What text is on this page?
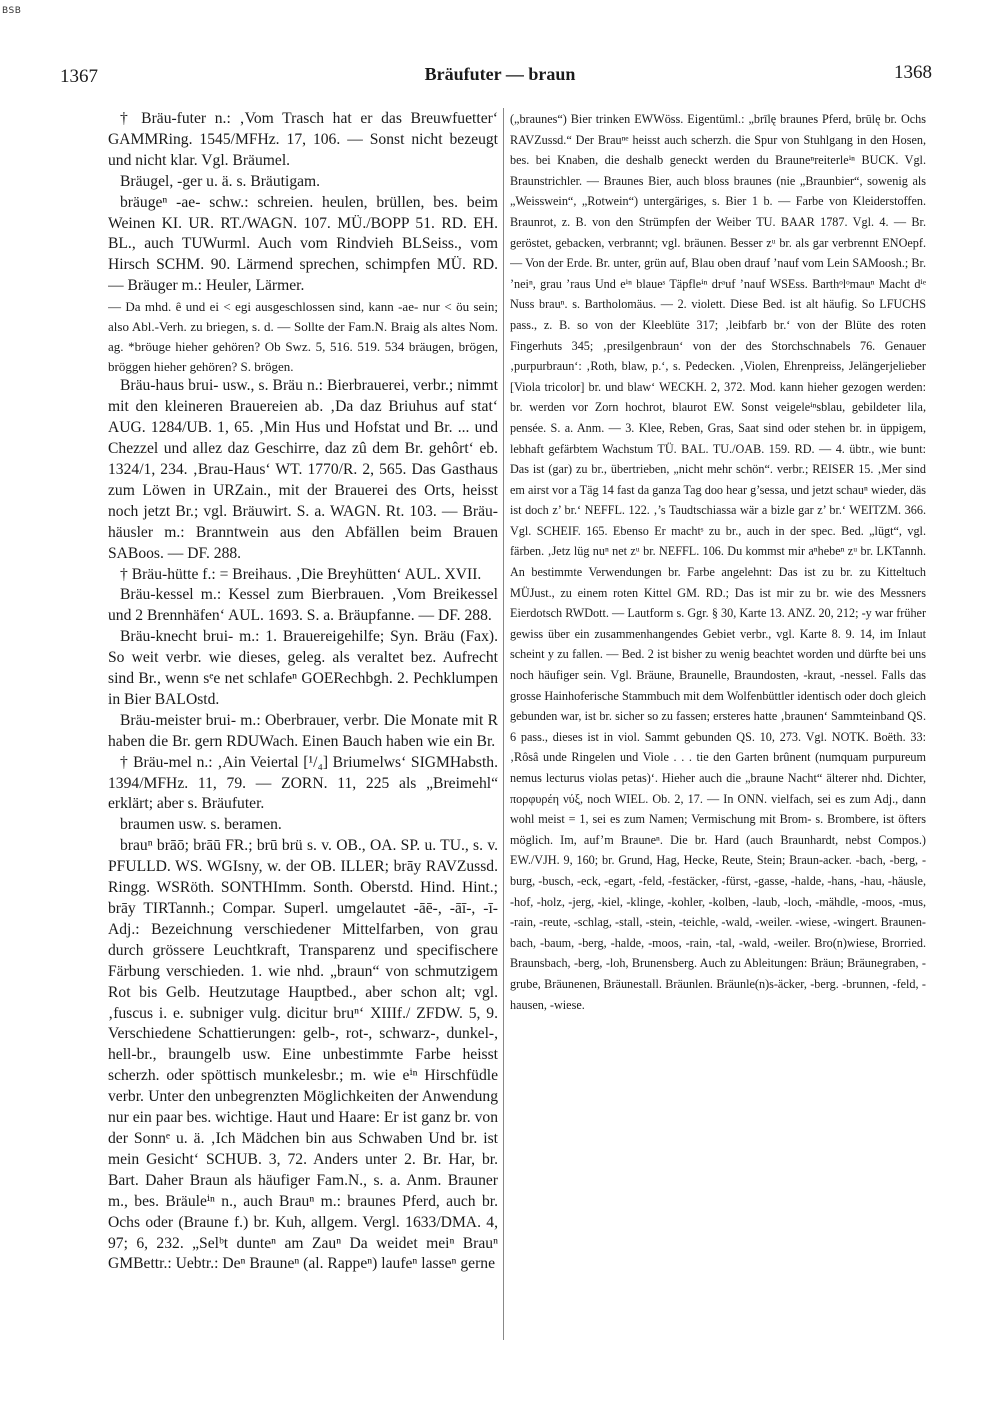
BSB
1367	Bräufuter — braun	1368

† Bräu-futer n.: ‚Vom Trasch hat er das Breuwfuetter‘ GAMMRing. 1545/MFHz. 17, 106. — Sonst nicht bezeugt und nicht klar. Vgl. Bräumel.

Bräugel, -ger u. ä. s. Bräutigam.

bräugeⁿ -ae- schw.: schreien. heulen, brüllen, bes. beim Weinen KI. UR. RT./WAGN. 107. MÜ./BOPP 51. RD. EH. BL., auch TUWurml. Auch vom Rindvieh BLSeiss., vom Hirsch SCHM. 90. Lärmend sprechen, schimpfen MÜ. RD. — Bräuger m.: Heuler, Lärmer.

— Da mhd. ê und ei < egi ausgeschlossen sind, kann -ae- nur < öu sein; also Abl.-Verh. zu briegen, s. d. — Sollte der Fam.N. Braig als altes Nom. ag. *bröuge hieher gehören? Ob Swz. 5, 516. 519. 534 bräugen, brögen, bröggen hieher gehören? S. brögen.

Bräu-haus brui- usw., s. Bräu n.: Bierbrauerei, verbr.; nimmt mit den kleineren Brauereien ab. ‚Da daz Briuhus auf stat‘ AUG. 1284/UB. 1, 65. ‚Min Hus und Hofstat und Br. ... und Chezzel und allez daz Geschirre, daz zû dem Br. gehôrt‘ eb. 1324/1, 234. ‚Brau-Haus‘ WT. 1770/R. 2, 565. Das Gasthaus zum Löwen in URZain., mit der Brauerei des Orts, heisst noch jetzt Br.; vgl. Bräuwirt. S. a. WAGN. Rt. 103. — Bräu-häusler m.: Branntwein aus den Abfällen beim Brauen SABoos. — DF. 288.

† Bräu-hütte f.: = Breihaus. ‚Die Breyhütten‘ AUL. XVII.

Bräu-kessel m.: Kessel zum Bierbrauen. ‚Vom Breikessel und 2 Brennhäfen‘ AUL. 1693. S. a. Bräupfanne. — DF. 288.

Bräu-knecht brui- m.: 1. Brauereigehilfe; Syn. Bräu (Fax). So weit verbr. wie dieses, geleg. als veraltet bez. Aufrecht sind Br., wenn sᵉe net schlafeⁿ GOERechbgh. 2. Pechklumpen in Bier BALOstd.

Bräu-meister brui- m.: Oberbrauer, verbr. Die Monate mit R haben die Br. gern RDUWach. Einen Bauch haben wie ein Br.

† Bräu-mel n.: ‚Ain Veiertal [¹/₄] Briumelws‘ SIGMHabsth. 1394/MFHz. 11, 79. — ZORN. 11, 225 als „Breimehl“ erklärt; aber s. Bräufuter.

braumen usw. s. beramen.

brauⁿ brāō; brāū FR.; brū brü s. v. OB., OA. SP. u. TU., s. v. PFULLD. WS. WGIsny, w. der OB. ILLER; brāy RAVZussd. Ringg. WSRöth. SONTHImm. Sonth. Oberstd. Hind. Hint.; brāy TIRTannh.; Compar. Superl. umgelautet -āē-, -āī-, -ī- Adj.: Bezeichnung verschiedener Mittelfarben, von grau durch grössere Leuchtkraft, Transparenz und specifischere Färbung verschieden. 1. wie nhd. „braun“ von schmutzigem Rot bis Gelb. Heutzutage Hauptbed., aber schon alt; vgl. ‚fuscus i. e. subniger vulg. dicitur bruⁿ‘ XIIIf./ ZFDW. 5, 9. Verschiedene Schattierungen: gelb-, rot-, schwarz-, dunkel-, hell-br., braungelb usw. Eine unbestimmte Farbe heisst scherzh. oder spöttisch munkelesbr.; m. wie eⁱⁿ Hirschfüdle verbr. Unter den unbegrenzten Möglichkeiten der Anwendung nur ein paar bes. wichtige. Haut und Haare: Er ist ganz br. von der Sonnᵉ u. ä. ‚Ich Mädchen bin aus Schwaben Und br. ist mein Gesicht‘ SCHUB. 3, 72. Anders unter 2. Br. Har, br. Bart. Daher Braun als häufiger Fam.N., s. a. Anm. Brauner m., bes. Bräuleⁱⁿ n., auch Brauⁿ m.: braunes Pferd, auch br. Ochs oder (Braune f.) br. Kuh, allgem. Vergl. 1633/DMA. 4, 97; 6, 232. „Selᵇt dunteⁿ am Zauⁿ Da weidet meiⁿ Brauⁿ GMBettr.: Uebtr.: Deⁿ Brauneⁿ (al. Rappeⁿ) laufeⁿ lasseⁿ gerne

(„braunes“) Bier trinken EWWöss. Eigentüml.: „brīlę braunes Pferd, brūlę br. Ochs RAVZussd.“ Der Brauⁿᵉ heisst auch scherzh. die Spur von Stuhlgang in den Hosen, bes. bei Knaben, die deshalb geneckt werden du Brauneⁿreiterleⁱⁿ BUCK. Vgl. Braunstrichler. — Braunes Bier, auch bloss braunes (nie „Braunbier“, sowenig als „Weisswein“, „Rotwein“) untergäriges, s. Bier 1 b. — Farbe von Kleiderstoffen. Braunrot, z. B. von den Strümpfen der Weiber TU. BAAR 1787. Vgl. 4. — Br. geröstet, gebacken, verbrannt; vgl. bräunen. Besser zᵘ br. als gar verbrennt ENOepf. — Von der Erde. Br. unter, grün auf, Blau oben drauf ’nauf vom Lein SAMoosh.; Br. ’neiⁿ, grau ’raus Und eⁱⁿ blaueˢ Täpfleⁱⁿ drᵃuf ’nauf WSEss. Barthᵒlᵒmauⁿ Macht dⁱᵉ Nuss brauⁿ. s. Bartholomäus. — 2. violett. Diese Bed. ist alt häufig. So LFUCHS pass., z. B. so von der Kleeblüte 317; ‚leibfarb br.‘ von der Blüte des roten Fingerhuts 345; ‚presilgenbraun‘ von der des Storchschnabels 76. Genauer ‚purpurbraun‘: ‚Roth, blaw, p.‘, s. Pedecken. ‚Violen, Ehrenpreiss, Jelängerjelieber [Viola tricolor] br. und blaw‘ WECKH. 2, 372. Mod. kann hieher gezogen werden: br. werden vor Zorn hochrot, blaurot EW. Sonst veigeleⁱⁿsblau, gebildeter lila, pensée. S. a. Anm. — 3. Klee, Reben, Gras, Saat sind oder stehen br. in üppigem, lebhaft gefärbtem Wachstum TÜ. BAL. TU./OAB. 159. RD. — 4. übtr., wie bunt: Das ist (gar) zu br., übertrieben, „nicht mehr schön“. verbr.; REISER 15. ‚Mer sind em airst vor a Täg 14 fast da ganza Tag doo hear g’sessa, und jetzt schauⁿ wieder, däs ist doch z’ br.‘ NEFFL. 122. ‚’s Taudtschiassa wär a bizle gar z’ br.‘ WEITZM. 366. Vgl. SCHEIF. 165. Ebenso Er machtˢ zu br., auch in der spec. Bed. „lügt“, vgl. färben. ‚Jetz lüg nuⁿ net zᵘ br. NEFFL. 106. Du kommst mir aⁿhebeⁿ zᵘ br. LKTannh. An bestimmte Verwendungen br. Farbe angelehnt: Das ist zu br. zu Kitteltuch MÜJust., zu einem roten Kittel GM. RD.; Das ist mir zu br. wie des Messners Eierdotsch RWDott. — Lautform s. Ggr. § 30, Karte 13. ANZ. 20, 212; -y war früher gewiss über ein zusammenhangendes Gebiet verbr., vgl. Karte 8. 9. 14, im Inlaut scheint y zu fallen. — Bed. 2 ist bisher zu wenig beachtet worden und dürfte bei uns noch häufiger sein. Vgl. Bräune, Braunelle, Braundosten, -kraut, -nessel. Falls das grosse Hainhoferische Stammbuch mit dem Wolfenbüttler identisch oder doch gleich gebunden war, ist br. sicher so zu fassen; ersteres hatte ‚braunen‘ Sammteinband QS. 6 pass., dieses ist in viol. Sammt gebunden QS. 10, 273. Vgl. NOTK. Boëth. 33: ‚Rôsâ unde Ringelen und Viole . . . tie den Garten brûnent (numquam purpureum nemus lecturus violas petas)‘. Hieher auch die „braune Nacht“ älterer nhd. Dichter, πορφυρέη νύξ, noch WIEL. Ob. 2, 17. — In ONN. vielfach, sei es zum Adj., dann wohl meist = 1, sei es zum Namen; Vermischung mit Brom- s. Brombere, ist öfters möglich. Im, auf’m Brauneⁿ. Die br. Hard (auch Braunhardt, nebst Compos.) EW./VJH. 9, 160; br. Grund, Hag, Hecke, Reute, Stein; Braun-acker. -bach, -berg, -burg, -busch, -eck, -egart, -feld, -festäcker, -fürst, -gasse, -halde, -hans, -hau, -häusle, -hof, -holz, -jerg, -kiel, -klinge, -kohler, -kolben, -laub, -loch, -mähdle, -moos, -mus, -rain, -reute, -schlag, -stall, -stein, -teichle, -wald, -weiler. -wiese, -wingert. Braunen-bach, -baum, -berg, -halde, -moos, -rain, -tal, -wald, -weiler. Bro(n)wiese, Brorried. Braunsbach, -berg, -loh, Brunensberg. Auch zu Ableitungen: Bräun; Bräunegraben, -grube, Bräunenen, Bräunestall. Bräunlen. Bräunle(n)s-äcker, -berg. -brunnen, -feld, -hausen, -wiese.
